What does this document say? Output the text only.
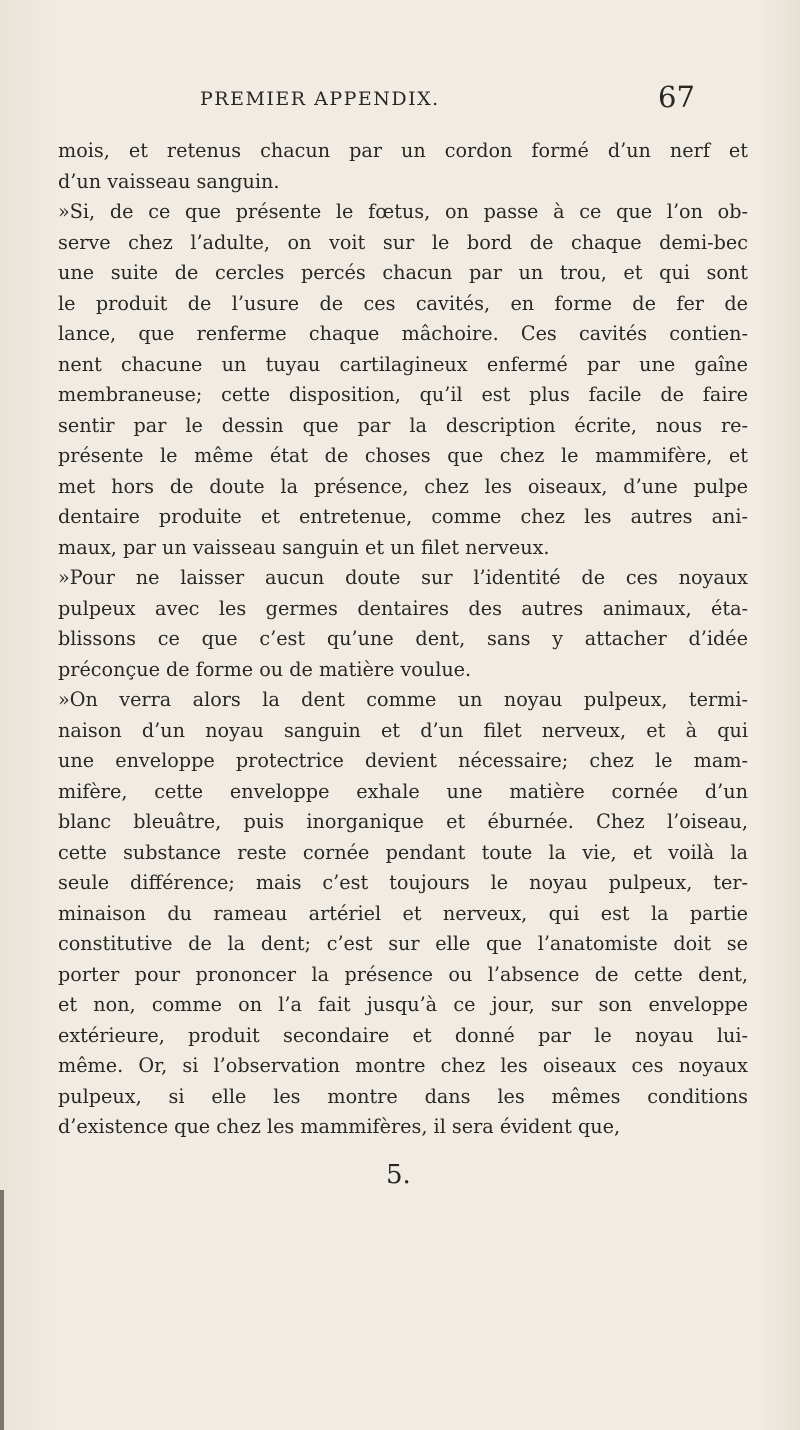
PREMIER APPENDIX.	67
mois, et retenus chacun par un cordon formé d’un nerf et
d’un vaisseau sanguin.
»Si, de ce que présente le fœtus, on passe à ce que l’on ob-
serve chez l’adulte, on voit sur le bord de chaque demi-bec
une suite de cercles percés chacun par un trou, et qui sont
le produit de l’usure de ces cavités, en forme de fer de
lance, que renferme chaque mâchoire. Ces cavités contien-
nent chacune un tuyau cartilagineux enfermé par une gaîne
membraneuse; cette disposition, qu’il est plus facile de faire
sentir par le dessin que par la description écrite, nous re-
présente le même état de choses que chez le mammifère, et
met hors de doute la présence, chez les oiseaux, d’une pulpe
dentaire produite et entretenue, comme chez les autres ani-
maux, par un vaisseau sanguin et un filet nerveux.
»Pour ne laisser aucun doute sur l’identité de ces noyaux
pulpeux avec les germes dentaires des autres animaux, éta-
blissons ce que c’est qu’une dent, sans y attacher d’idée
préconçue de forme ou de matière voulue.
»On verra alors la dent comme un noyau pulpeux, termi-
naison d’un noyau sanguin et d’un filet nerveux, et à qui
une enveloppe protectrice devient nécessaire; chez le mam-
mifère, cette enveloppe exhale une matière cornée d’un
blanc bleuâtre, puis inorganique et éburnée. Chez l’oiseau,
cette substance reste cornée pendant toute la vie, et voilà la
seule différence; mais c’est toujours le noyau pulpeux, ter-
minaison du rameau artériel et nerveux, qui est la partie
constitutive de la dent; c’est sur elle que l’anatomiste doit se
porter pour prononcer la présence ou l’absence de cette dent,
et non, comme on l’a fait jusqu’à ce jour, sur son enveloppe
extérieure, produit secondaire et donné par le noyau lui-
même. Or, si l’observation montre chez les oiseaux ces noyaux
pulpeux, si elle les montre dans les mêmes conditions
d’existence que chez les mammifères, il sera évident que,
5.
